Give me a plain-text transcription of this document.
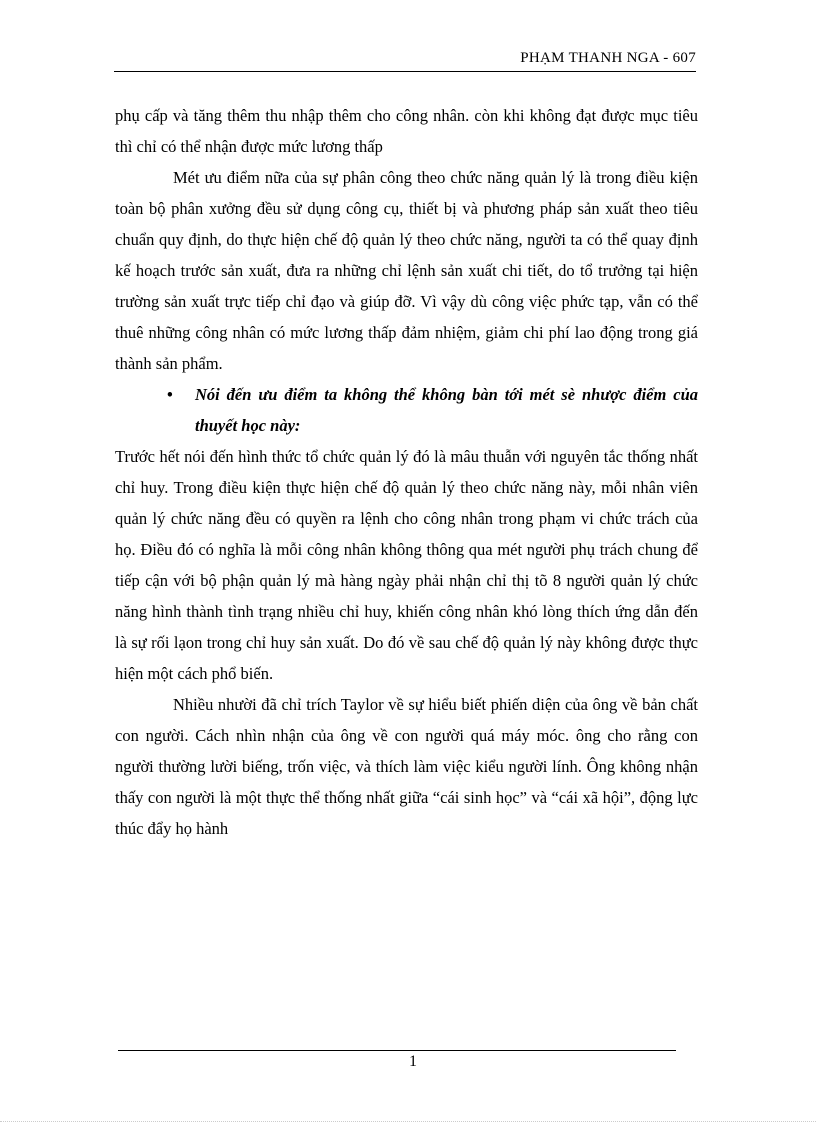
PHẠM THANH NGA - 607

phụ cấp và tăng thêm thu nhập thêm cho công nhân. còn khi không đạt được mục tiêu thì chỉ có thể nhận được mức lương thấp

Mét ưu điểm nữa của sự phân công theo chức năng quản lý là trong điều kiện toàn bộ phân xưởng đều sử dụng công cụ, thiết bị và phương pháp sản xuất theo tiêu chuẩn quy định, do thực hiện chế độ quản lý theo chức năng, người ta có thể quay định kế hoạch trước sản xuất, đưa ra những chỉ lệnh sản xuất chi tiết, do tổ trưởng tại hiện trường sản xuất trực tiếp chỉ đạo và giúp đỡ. Vì vậy dù công việc phức tạp, vẫn có thể thuê những công nhân có mức lương thấp đảm nhiệm, giảm chi phí lao động trong giá thành sản phẩm.

• Nói đến ưu điểm ta không thể không bàn tới mét sè nhược điểm của thuyết học này:

Trước hết nói đến hình thức tổ chức quản lý đó là mâu thuẫn với nguyên tắc thống nhất chỉ huy. Trong điều kiện thực hiện chế độ quản lý theo chức năng này, mỗi nhân viên quản lý chức năng đều có quyền ra lệnh cho công nhân trong phạm vi chức trách của họ. Điều đó có nghĩa là mỗi công nhân không thông qua mét người phụ trách chung để tiếp cận với bộ phận quản lý mà hàng ngày phải nhận chỉ thị tõ 8 người quản lý chức năng hình thành tình trạng nhiều chỉ huy, khiến công nhân khó lòng thích ứng dẫn đến là sự rối lạon trong chỉ huy sản xuất. Do đó về sau chế độ quản lý này không được thực hiện một cách phổ biến.

Nhiều nhười đã chỉ trích Taylor về sự hiểu biết phiến diện của ông về bản chất con người. Cách nhìn nhận của ông về con người quá máy móc. ông cho rằng con người thường lười biếng, trốn việc, và thích làm việc kiểu người lính. Ông không nhận thấy con người là một thực thể thống nhất giữa “cái sinh học” và “cái xã hội”, động lực thúc đẩy họ hành

1
